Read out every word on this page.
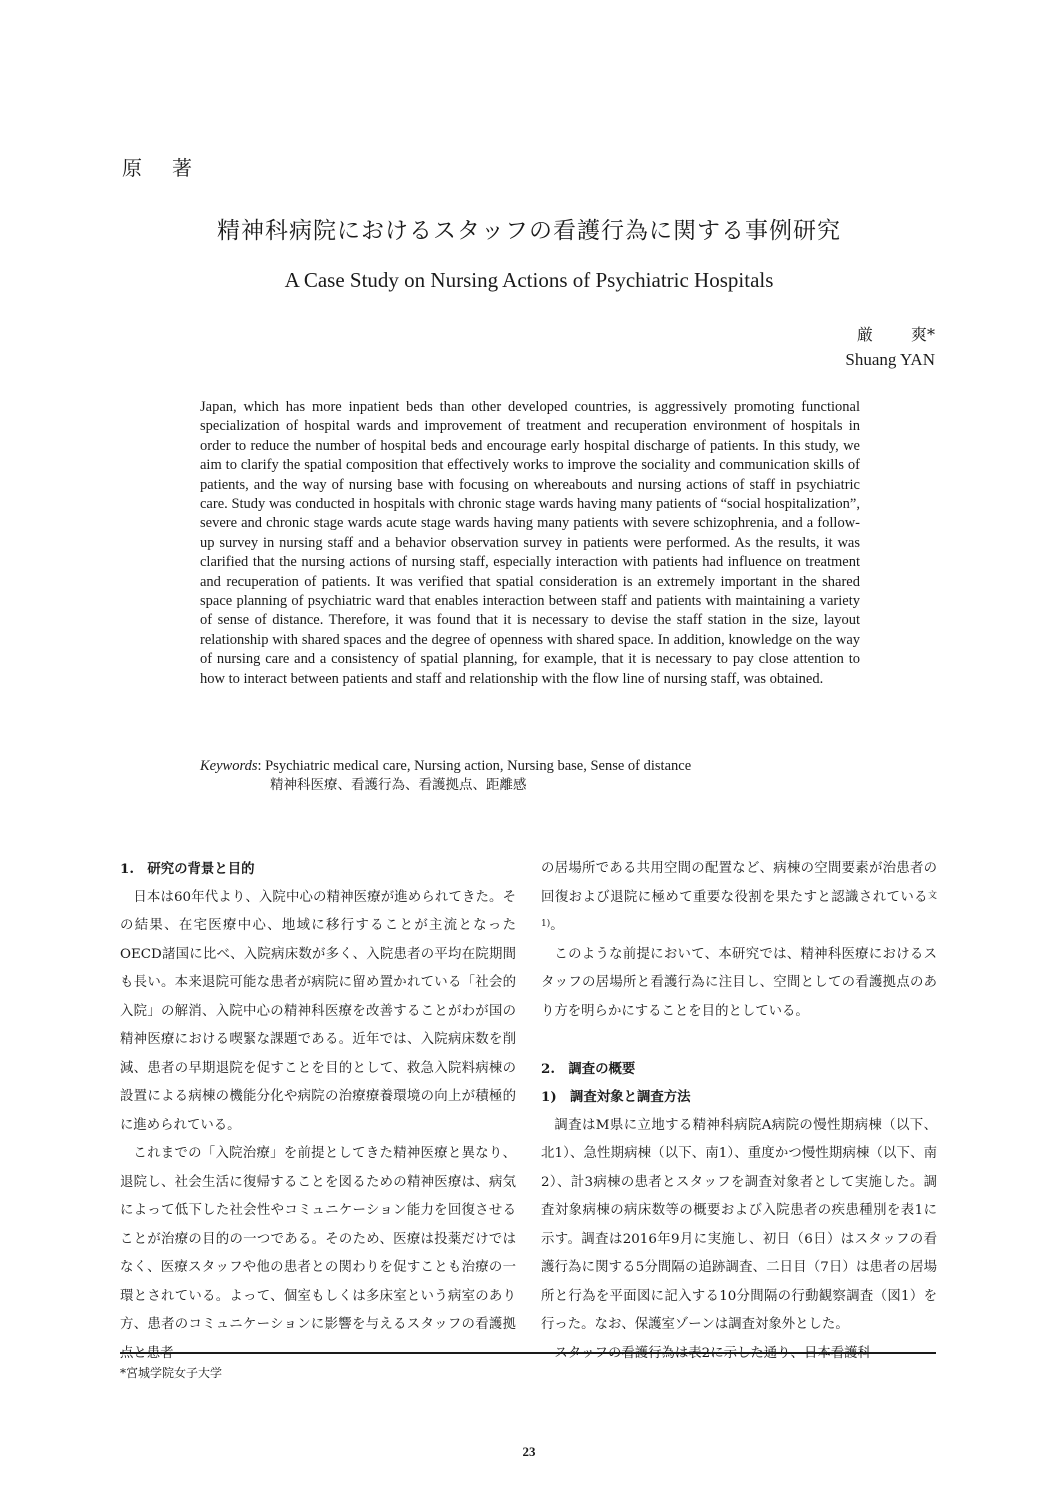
原著
精神科病院におけるスタッフの看護行為に関する事例研究
A Case Study on Nursing Actions of Psychiatric Hospitals
厳 爽*
Shuang YAN
Japan, which has more inpatient beds than other developed countries, is aggressively promoting functional specialization of hospital wards and improvement of treatment and recuperation environment of hospitals in order to reduce the number of hospital beds and encourage early hospital discharge of patients. In this study, we aim to clarify the spatial composition that effectively works to improve the sociality and communication skills of patients, and the way of nursing base with focusing on whereabouts and nursing actions of staff in psychiatric care. Study was conducted in hospitals with chronic stage wards having many patients of “social hospitalization”, severe and chronic stage wards acute stage wards having many patients with severe schizophrenia, and a follow-up survey in nursing staff and a behavior observation survey in patients were performed. As the results, it was clarified that the nursing actions of nursing staff, especially interaction with patients had influence on treatment and recuperation of patients. It was verified that spatial consideration is an extremely important in the shared space planning of psychiatric ward that enables interaction between staff and patients with maintaining a variety of sense of distance. Therefore, it was found that it is necessary to devise the staff station in the size, layout relationship with shared spaces and the degree of openness with shared space. In addition, knowledge on the way of nursing care and a consistency of spatial planning, for example, that it is necessary to pay close attention to how to interact between patients and staff and relationship with the flow line of nursing staff, was obtained.
Keywords: Psychiatric medical care, Nursing action, Nursing base, Sense of distance
精神科医療、看護行為、看護拠点、距離感

1.　研究の背景と目的

日本は60年代より、入院中心の精神医療が進められてきた。その結果、在宅医療中心、地域に移行することが主流となったOECD諸国に比べ、入院病床数が多く、入院患者の平均在院期間も長い。本来退院可能な患者が病院に留め置かれている「社会的入院」の解消、入院中心の精神科医療を改善することがわが国の精神医療における喫緊な課題である。近年では、入院病床数を削減、患者の早期退院を促すことを目的として、救急入院料病棟の設置による病棟の機能分化や病院の治療療養環境の向上が積極的に進められている。

これまでの「入院治療」を前提としてきた精神医療と異なり、退院し、社会生活に復帰することを図るための精神医療は、病気によって低下した社会性やコミュニケーション能力を回復させることが治療の目的の一つである。そのため、医療は投薬だけではなく、医療スタッフや他の患者との関わりを促すことも治療の一環とされている。よって、個室もしくは多床室という病室のあり方、患者のコミュニケーションに影響を与えるスタッフの看護拠点と患者

の居場所である共用空間の配置など、病棟の空間要素が治患者の回復および退院に極めて重要な役割を果たすと認識されている$^{文1)}$。

このような前提において、本研究では、精神科医療におけるスタッフの居場所と看護行為に注目し、空間としての看護拠点のあり方を明らかにすることを目的としている。

2.　調査の概要

1)　調査対象と調査方法

調査はM県に立地する精神科病院A病院の慢性期病棟（以下、北1）、急性期病棟（以下、南1）、重度かつ慢性期病棟（以下、南2）、計3病棟の患者とスタッフを調査対象者として実施した。調査対象病棟の病床数等の概要および入院患者の疾患種別を表1に示す。調査は2016年9月に実施し、初日（6日）はスタッフの看護行為に関する5分間隔の追跡調査、二日目（7日）は患者の居場所と行為を平面図に記入する10分間隔の行動観察調査（図1）を行った。なお、保護室ゾーンは調査対象外とした。

スタッフの看護行為は表2に示した通り、日本看護科

*宮城学院女子大学
23
